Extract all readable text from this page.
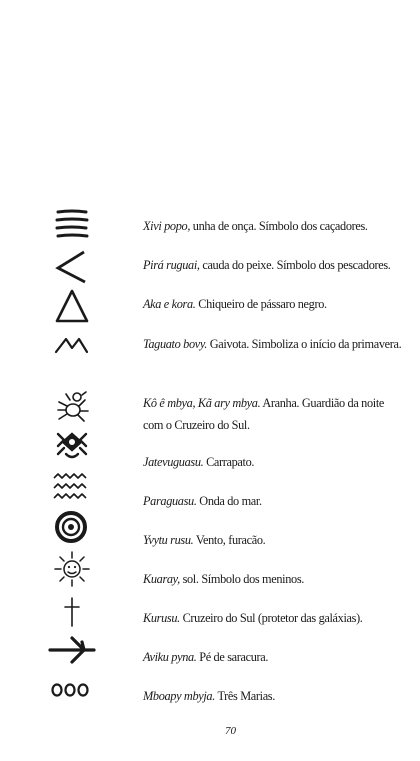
Xivi popo, unha de onça. Símbolo dos caçadores.
Pirá ruguai, cauda do peixe. Símbolo dos pescadores.
Aka e kora. Chiqueiro de pássaro negro.
Taguato bovy. Gaivota. Simboliza o início da primavera.
Kô ê mbya, Kã ary mbya. Aranha. Guardião da noite com o Cruzeiro do Sul.
Jatevuguasu. Carrapato.
Paraguasu. Onda do mar.
Yvytu rusu. Vento, furacão.
Kuaray, sol. Símbolo dos meninos.
Kurusu. Cruzeiro do Sul (protetor das galáxias).
Aviku pyna. Pé de saracura.
Mboapy mbyja. Três Marias.
70
